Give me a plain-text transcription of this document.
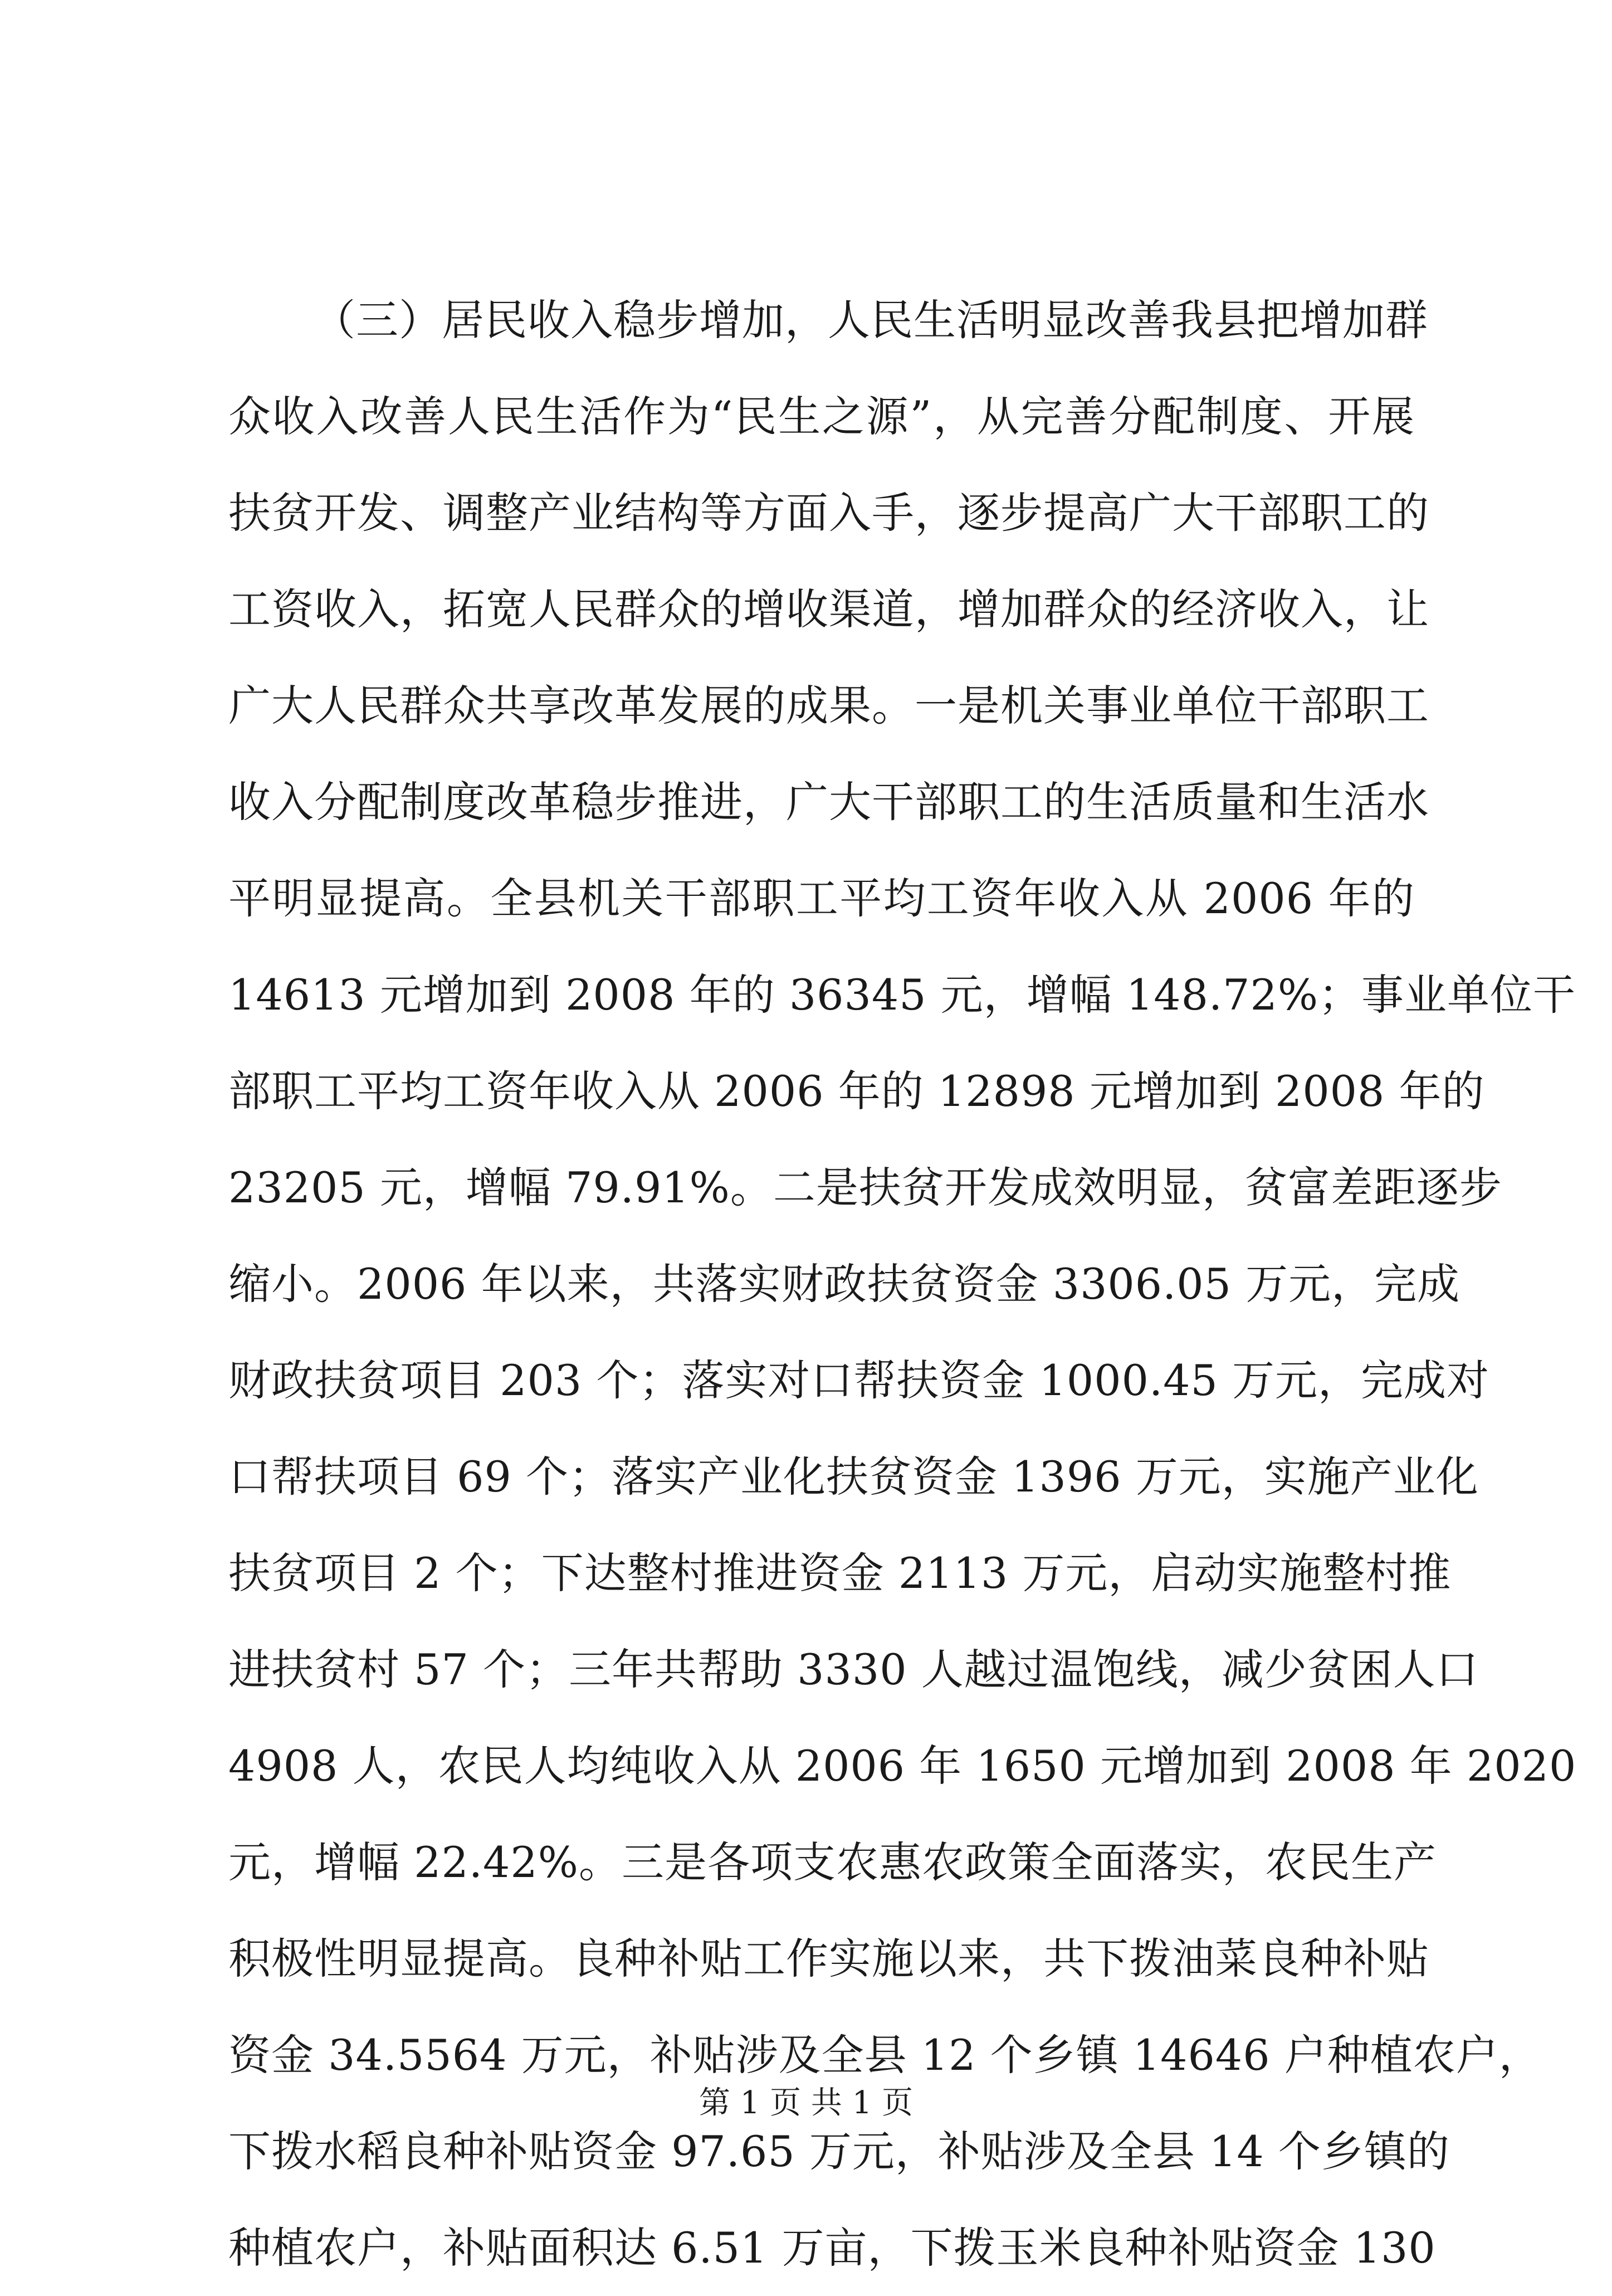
（三）居民收入稳步增加，人民生活明显改善我县把增加群
众收入改善人民生活作为“民生之源”，从完善分配制度、开展
扶贫开发、调整产业结构等方面入手，逐步提高广大干部职工的
工资收入，拓宽人民群众的增收渠道，增加群众的经济收入，让
广大人民群众共享改革发展的成果。一是机关事业单位干部职工
收入分配制度改革稳步推进，广大干部职工的生活质量和生活水
平明显提高。全县机关干部职工平均工资年收入从 2006 年的
14613 元增加到 2008 年的 36345 元，增幅 148.72%；事业单位干
部职工平均工资年收入从 2006 年的 12898 元增加到 2008 年的
23205 元，增幅 79.91%。二是扶贫开发成效明显，贫富差距逐步
缩小。2006 年以来，共落实财政扶贫资金 3306.05 万元，完成
财政扶贫项目 203 个；落实对口帮扶资金 1000.45 万元，完成对
口帮扶项目 69 个；落实产业化扶贫资金 1396 万元，实施产业化
扶贫项目 2 个；下达整村推进资金 2113 万元，启动实施整村推
进扶贫村 57 个；三年共帮助 3330 人越过温饱线，减少贫困人口
4908 人，农民人均纯收入从 2006 年 1650 元增加到 2008 年 2020
元，增幅 22.42%。三是各项支农惠农政策全面落实，农民生产
积极性明显提高。良种补贴工作实施以来，共下拨油菜良种补贴
资金 34.5564 万元，补贴涉及全县 12 个乡镇 14646 户种植农户，
下拨水稻良种补贴资金 97.65 万元，补贴涉及全县 14 个乡镇的
种植农户，补贴面积达 6.51 万亩，下拨玉米良种补贴资金 130
第 1 页 共 1 页
